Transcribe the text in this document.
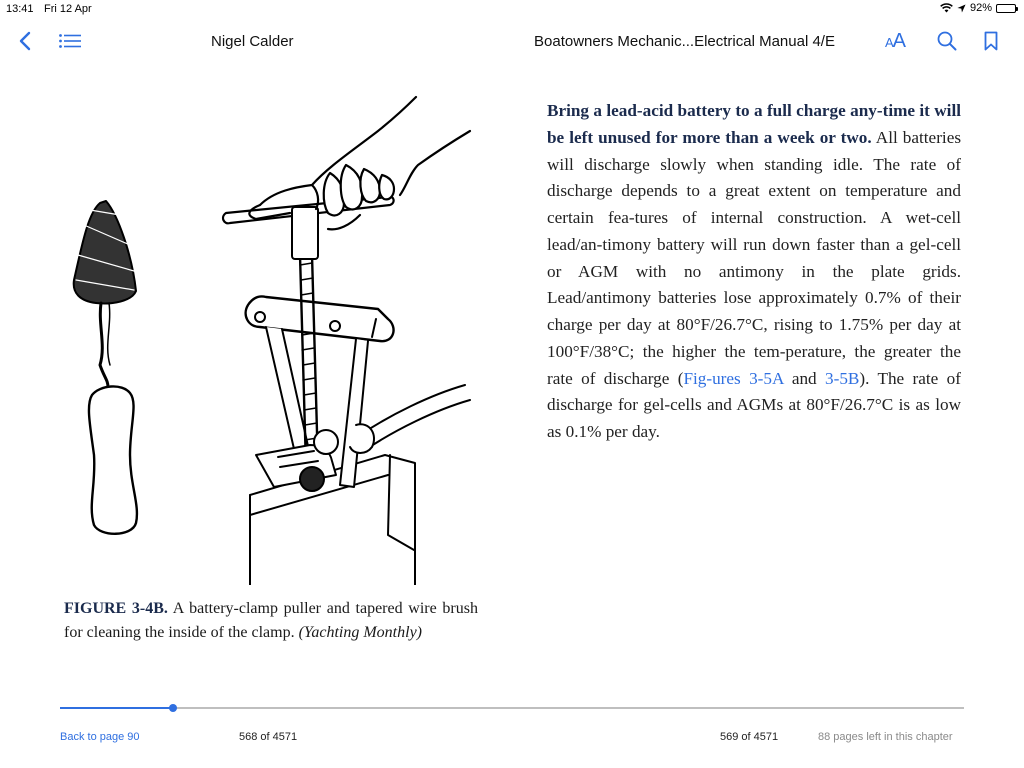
13:41 Fri 12 Apr	92%
Nigel Calder	Boatowners Mechanic...Electrical Manual 4/E	AA
FIGURE 3-4B. A battery-clamp puller and tapered wire brush for cleaning the inside of the clamp. (Yachting Monthly)
Bring a lead-acid battery to a full charge any-time it will be left unused for more than a week or two. All batteries will discharge slowly when standing idle. The rate of discharge depends to a great extent on temperature and certain fea-tures of internal construction. A wet-cell lead/an-timony battery will run down faster than a gel-cell or AGM with no antimony in the plate grids. Lead/antimony batteries lose approximately 0.7% of their charge per day at 80°F/26.7°C, rising to 1.75% per day at 100°F/38°C; the higher the tem-perature, the greater the rate of discharge (Fig-ures 3-5A and 3-5B). The rate of discharge for gel-cells and AGMs at 80°F/26.7°C is as low as 0.1% per day.
Back to page 90	568 of 4571	569 of 4571	88 pages left in this chapter
